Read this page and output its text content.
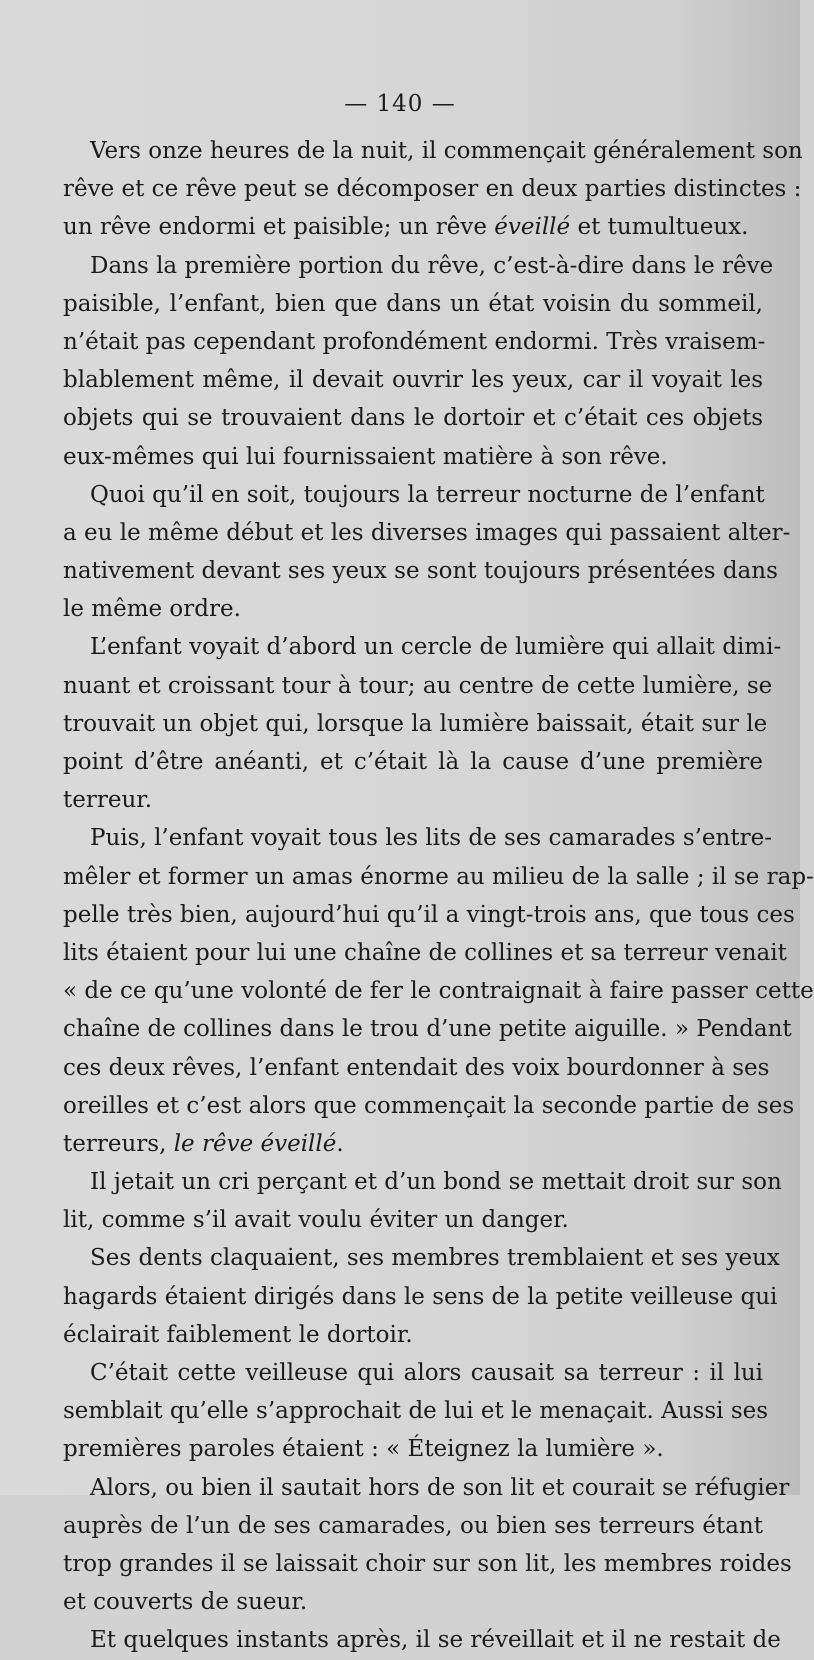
— 140 —
Vers onze heures de la nuit, il commençait généralement son
rêve et ce rêve peut se décomposer en deux parties distinctes :
un rêve endormi et paisible; un rêve éveillé et tumultueux.
Dans la première portion du rêve, c’est-à-dire dans le rêve
paisible, l’enfant, bien que dans un état voisin du sommeil,
n’était pas cependant profondément endormi. Très vraisem-
blablement même, il devait ouvrir les yeux, car il voyait les
objets qui se trouvaient dans le dortoir et c’était ces objets
eux-mêmes qui lui fournissaient matière à son rêve.
Quoi qu’il en soit, toujours la terreur nocturne de l’enfant
a eu le même début et les diverses images qui passaient alter-
nativement devant ses yeux se sont toujours présentées dans
le même ordre.
L’enfant voyait d’abord un cercle de lumière qui allait dimi-
nuant et croissant tour à tour; au centre de cette lumière, se
trouvait un objet qui, lorsque la lumière baissait, était sur le
point d’être anéanti, et c’était là la cause d’une première
terreur.
Puis, l’enfant voyait tous les lits de ses camarades s’entre-
mêler et former un amas énorme au milieu de la salle ; il se rap-
pelle très bien, aujourd’hui qu’il a vingt-trois ans, que tous ces
lits étaient pour lui une chaîne de collines et sa terreur venait
« de ce qu’une volonté de fer le contraignait à faire passer cette
chaîne de collines dans le trou d’une petite aiguille. » Pendant
ces deux rêves, l’enfant entendait des voix bourdonner à ses
oreilles et c’est alors que commençait la seconde partie de ses
terreurs, le rêve éveillé.
Il jetait un cri perçant et d’un bond se mettait droit sur son
lit, comme s’il avait voulu éviter un danger.
Ses dents claquaient, ses membres tremblaient et ses yeux
hagards étaient dirigés dans le sens de la petite veilleuse qui
éclairait faiblement le dortoir.
C’était cette veilleuse qui alors causait sa terreur : il lui
semblait qu’elle s’approchait de lui et le menaçait. Aussi ses
premières paroles étaient : « Éteignez la lumière ».
Alors, ou bien il sautait hors de son lit et courait se réfugier
auprès de l’un de ses camarades, ou bien ses terreurs étant
trop grandes il se laissait choir sur son lit, les membres roides
et couverts de sueur.
Et quelques instants après, il se réveillait et il ne restait de
